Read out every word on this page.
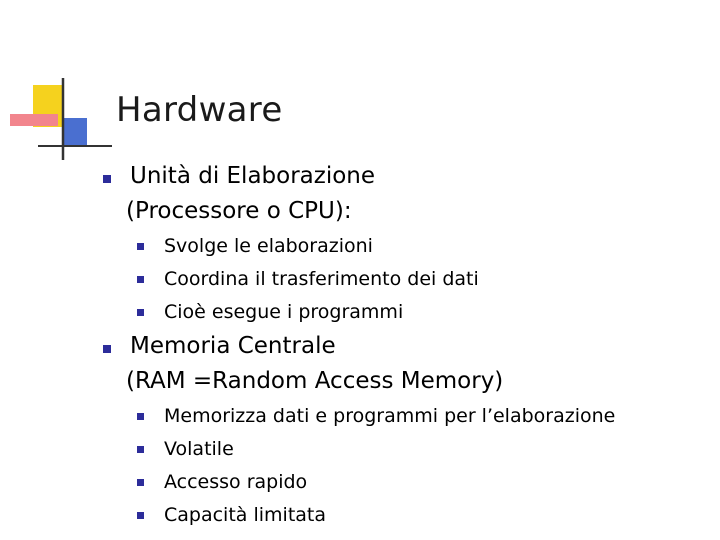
Hardware
Unità di Elaborazione
(Processore o CPU):
Svolge le elaborazioni
Coordina il trasferimento dei dati
Cioè esegue i programmi
Memoria Centrale
(RAM =Random Access Memory)
Memorizza dati e programmi per l’elaborazione
Volatile
Accesso rapido
Capacità limitata
